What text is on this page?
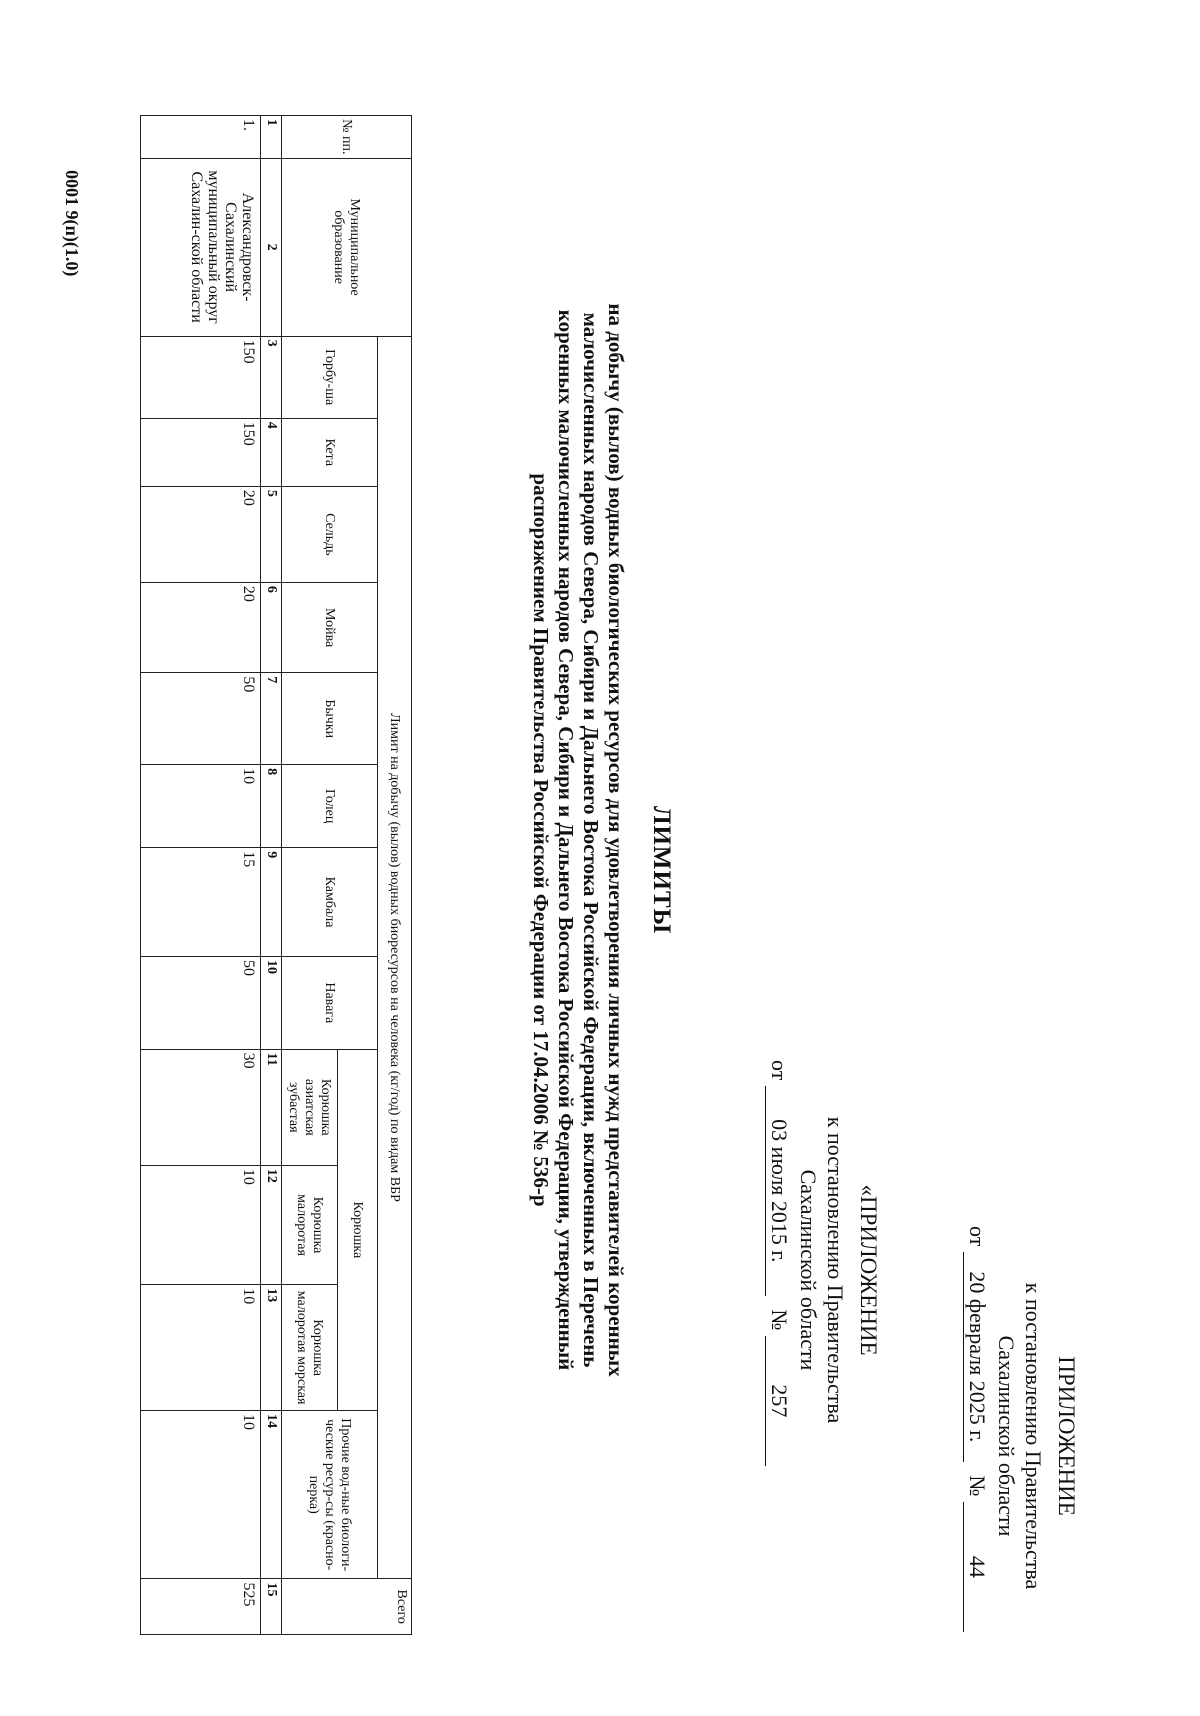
ПРИЛОЖЕНИЕ
к постановлению Правительства
Сахалинской области
от 20 февраля 2025 г. № 44
«ПРИЛОЖЕНИЕ
к постановлению Правительства
Сахалинской области
от 03 июля 2015 г. № 257
ЛИМИТЫ
на добычу (вылов) водных биологических ресурсов для удовлетворения личных нужд представителей коренных
малочисленных народов Севера, Сибири и Дальнего Востока Российской Федерации, включенных в Перечень
коренных малочисленных народов Севера, Сибири и Дальнего Востока Российской Федерации, утвержденный
распоряжением Правительства Российской Федерации от 17.04.2006 № 536-р
№ пп.	Муниципальное образование	Лимит на добычу (вылов) водных биоресурсов на человека (кг/год) по видам ВБР												Всего
		Горбу-ша	Кета	Сельдь	Мойва	Бычки	Голец	Камбала	Навага	Корюшка			Прочие вод-ные биологи-ческие ресур-сы (красно-перка)	
										Корюшка азиатская зубастая	Корюшка малоротая	Корюшка малоротая морская		
1	2	3	4	5	6	7	8	9	10	11	12	13	14	15
1.	Александровск-Сахалинский муниципальный округ Сахалин-ской области	150	150	20	20	50	10	15	50	30	10	10	10	525
0001 9(п)(1.0)
